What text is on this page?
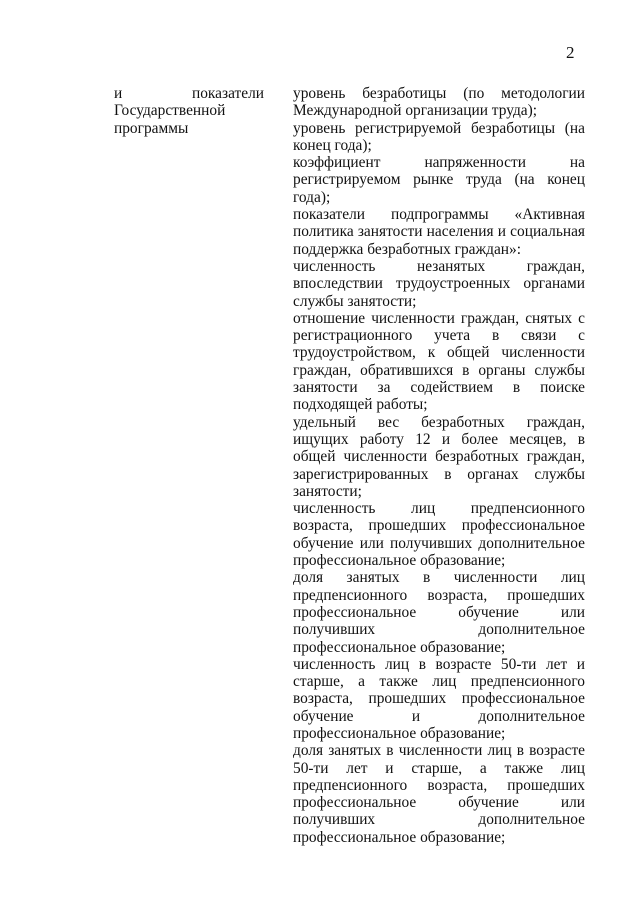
2
и	показатели
Государственной
программы

уровень безработицы (по методологии Международной организации труда);

уровень регистрируемой безработицы (на конец года);

коэффициент напряженности на регистрируемом рынке труда (на конец года);

показатели подпрограммы «Активная политика занятости населения и социальная поддержка безработных граждан»:

численность незанятых граждан, впоследствии трудоустроенных органами службы занятости;

отношение численности граждан, снятых с регистрационного учета в связи с трудоустройством, к общей численности граждан, обратившихся в органы службы занятости за содействием в поиске подходящей работы;

удельный вес безработных граждан, ищущих работу 12 и более месяцев, в общей численности безработных граждан, зарегистрированных в органах службы занятости;

численность лиц предпенсионного возраста, прошедших профессиональное обучение или получивших дополнительное профессиональное образование;

доля занятых в численности лиц предпенсионного возраста, прошедших профессиональное обучение или получивших дополнительное профессиональное образование;

численность лиц в возрасте 50-ти лет и старше, а также лиц предпенсионного возраста, прошедших профессиональное обучение и дополнительное профессиональное образование;

доля занятых в численности лиц в возрасте 50-ти лет и старше, а также лиц предпенсионного возраста, прошедших профессиональное обучение или получивших дополнительное профессиональное образование;
